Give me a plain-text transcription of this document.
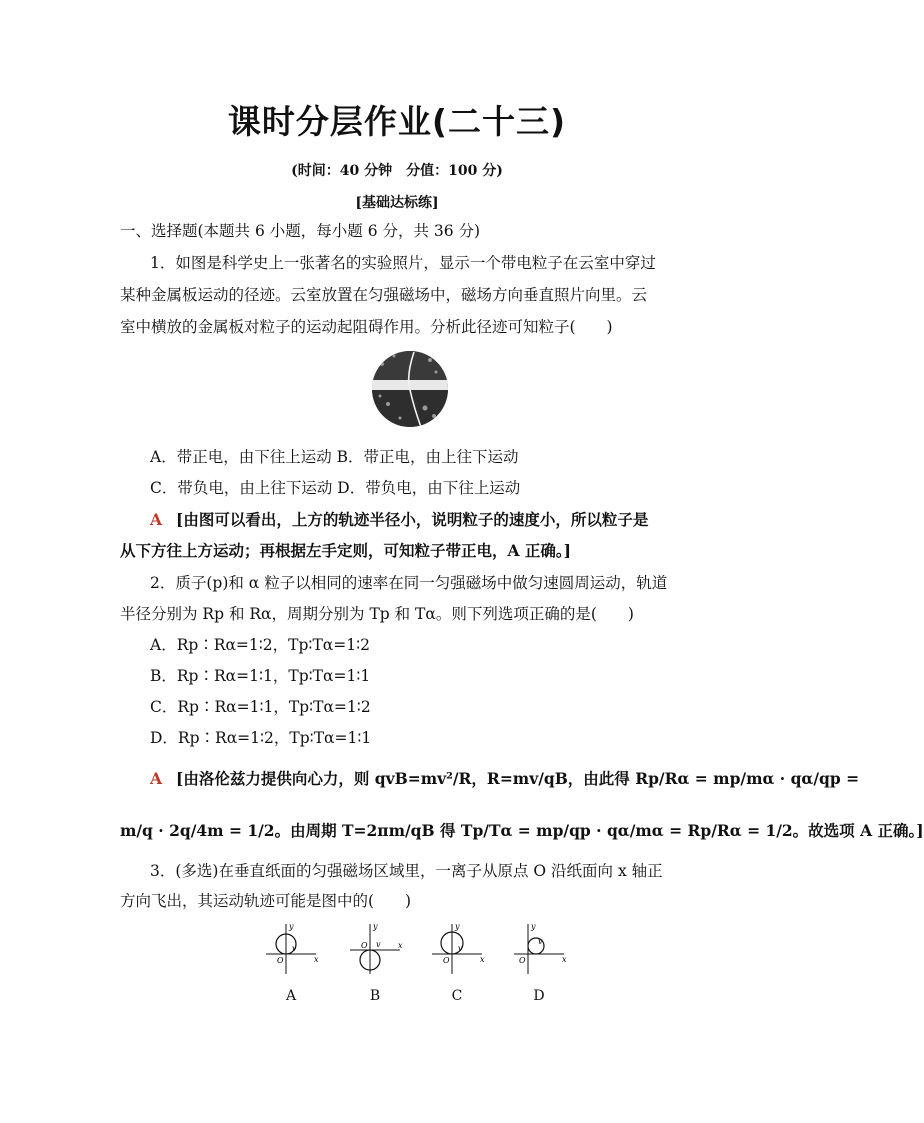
课时分层作业(二十三)
(时间：40 分钟　分值：100 分)
[基础达标练]
一、选择题(本题共 6 小题，每小题 6 分，共 36 分)
1．如图是科学史上一张著名的实验照片，显示一个带电粒子在云室中穿过
某种金属板运动的径迹。云室放置在匀强磁场中，磁场方向垂直照片向里。云
室中横放的金属板对粒子的运动起阻碍作用。分析此径迹可知粒子(　　)
A．带正电，由下往上运动 B．带正电，由上往下运动
C．带负电，由上往下运动 D．带负电，由下往上运动
A [由图可以看出，上方的轨迹半径小，说明粒子的速度小，所以粒子是
从下方往上方运动；再根据左手定则，可知粒子带正电，A 正确。]
2．质子(p)和 α 粒子以相同的速率在同一匀强磁场中做匀速圆周运动，轨道
半径分别为 Rp 和 Rα，周期分别为 Tp 和 Tα。则下列选项正确的是(　　)
A．Rp∶Rα=1∶2，Tp∶Tα=1∶2
B．Rp∶Rα=1∶1，Tp∶Tα=1∶1
C．Rp∶Rα=1∶1，Tp∶Tα=1∶2
D．Rp∶Rα=1∶2，Tp∶Tα=1∶1
A [由洛伦兹力提供向心力，则 qvB=mv²/R，R=mv/qB，由此得 Rp/Rα = mp/mα · qα/qp =
m/q · 2q/4m = 1/2。由周期 T=2πm/qB 得 Tp/Tα = mp/qp · qα/mα = Rp/Rα = 1/2。故选项 A 正确。]
3．(多选)在垂直纸面的匀强磁场区域里，一离子从原点 O 沿纸面向 x 轴正
方向飞出，其运动轨迹可能是图中的(　　)
x
y
O
v
A
x
y
O v
B
x
y
O
v
C
x
y
O
v
D
